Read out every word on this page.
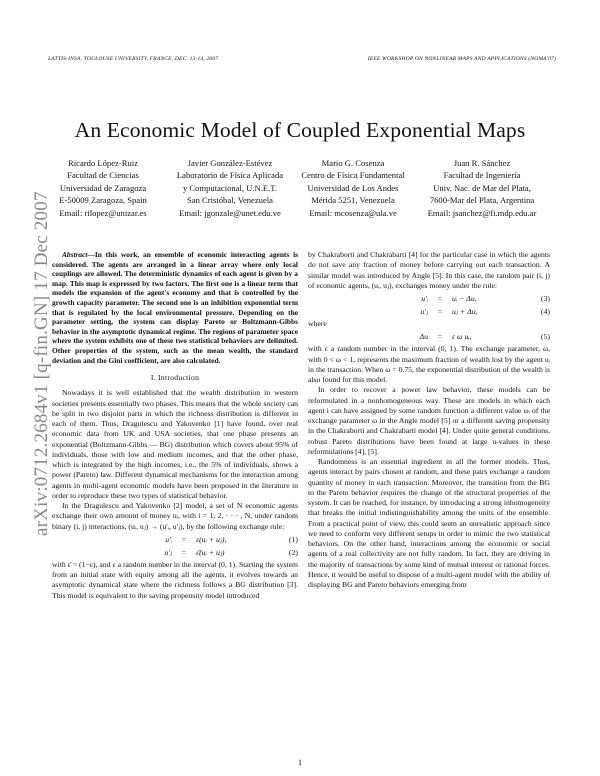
LATTIS-INSA, TOULOUSE UNIVERSITY, FRANCE, DEC. 13-14, 2007	IEEE WORKSHOP ON NONLINEAR MAPS AND APPLICATIONS (NOMA'07)
arXiv:0712.2684v1 [q-fin.GN] 17 Dec 2007
An Economic Model of Coupled Exponential Maps
Ricardo López-Ruiz
Facultad de Ciencias
Universidad de Zaragoza
E-50009 Zaragoza, Spain
Email: rilopez@unizar.es
Javier González-Estévez
Laboratorio de Física Aplicada
y Computacional, U.N.E.T.
San Cristóbal, Venezuela
Email: jgonzale@unet.edu.ve
Mario G. Cosenza
Centro de Física Fundamental
Universidad de Los Andes
Mérida 5251, Venezuela
Email: mcosenza@ula.ve
Juan R. Sánchez
Facultad de Ingeniería
Univ. Nac. de Mar del Plata,
7600-Mar del Plata, Argentina
Email: jsanchez@fi.mdp.edu.ar

Abstract—In this work, an ensemble of economic interacting agents is considered. The agents are arranged in a linear array where only local couplings are allowed. The deterministic dynamics of each agent is given by a map. This map is expressed by two factors. The first one is a linear term that models the expansion of the agent's economy and that is controlled by the growth capacity parameter. The second one is an inhibition exponential term that is regulated by the local environmental pressure. Depending on the parameter setting, the system can display Pareto or Boltzmann-Gibbs behavior in the asymptotic dynamical regime. The regions of parameter space where the system exhibits one of these two statistical behaviors are delimited. Other properties of the system, such as the mean wealth, the standard deviation and the Gini coefficient, are also calculated.

I. Introduction

Nowadays it is well established that the wealth distribution in western societies presents essentially two phases. This means that the whole society can be split in two disjoint parts in which the richness distribution is different in each of them. Thus, Dragulescu and Yakovenko [1] have found, over real economic data from UK and USA societies, that one phase presents an exponential (Boltzmann-Gibbs — BG) distribution which covers about 95% of individuals, those with low and medium incomes, and that the other phase, which is integrated by the high incomes, i.e., the 5% of individuals, shows a power (Pareto) law. Different dynamical mechanisms for the interaction among agents in multi-agent economic models have been proposed in the literature in order to reproduce these two types of statistical behavior.

In the Dragulescu and Yakovenko [2] model, a set of N economic agents exchange their own amount of money uᵢ, with i = 1, 2, · · · , N, under random binary (i, j) interactions, (uᵢ, uⱼ) → (u'ᵢ, u'ⱼ), by the following exchange rule:

u'ᵢ	=	ε(uᵢ + uⱼ),	(1)
u'ⱼ	=	ε̄(uᵢ + uⱼ)	(2)

with ε̄ = (1−ε), and ε a random number in the interval (0, 1). Starting the system from an initial state with equity among all the agents, it evolves towards an asymptotic dynamical state where the richness follows a BG distribution [3]. This model is equivalent to the saving propensity model introduced

by Chakraborti and Chakrabarti [4] for the particular case in which the agents do not save any fraction of money before carrying out each transaction. A similar model was introduced by Angle [5]. In this case, the random pair (i, j) of economic agents, (uᵢ, uⱼ), exchanges money under the rule:

u'ᵢ	=	uᵢ − Δu,	(3)
u'ⱼ	=	uⱼ + Δu,	(4)

where

Δu	=	ε ω uᵢ,	(5)

with ε a random number in the interval (0, 1). The exchange parameter, ω, with 0 < ω < 1, represents the maximum fraction of wealth lost by the agent uᵢ in the transaction. When ω = 0.75, the exponential distribution of the wealth is also found for this model.

In order to recover a power law behavior, these models can be reformulated in a nonhomogeneous way. These are models in which each agent i can have assigned by some random function a different value ωᵢ of the exchange parameter ω in the Angle model [5] or a different saving propensity in the Chakraborti and Chakrabarti model [4]. Under quite general conditions, robust Pareto distributions have been found at large u-values in these reformulations [4], [5].

Randomness is an essential ingredient in all the former models. Thus, agents interact by pairs chosen at random, and these pairs exchange a random quantity of money in each transaction. Moreover, the transition from the BG to the Pareto behavior requires the change of the structural properties of the system. It can be reached, for instance, by introducing a strong inhomogeneity that breaks the initial indistinguishability among the units of the ensemble. From a practical point of view, this could seem an unrealistic approach since we need to conform very different setups in order to mimic the two statistical behaviors. On the other hand, interactions among the economic or social agents of a real collectivity are not fully random. In fact, they are driving in the majority of transactions by some kind of mutual interest or rational forces. Hence, it would be useful to dispose of a multi-agent model with the ability of displaying BG and Pareto behaviors emerging from

1
